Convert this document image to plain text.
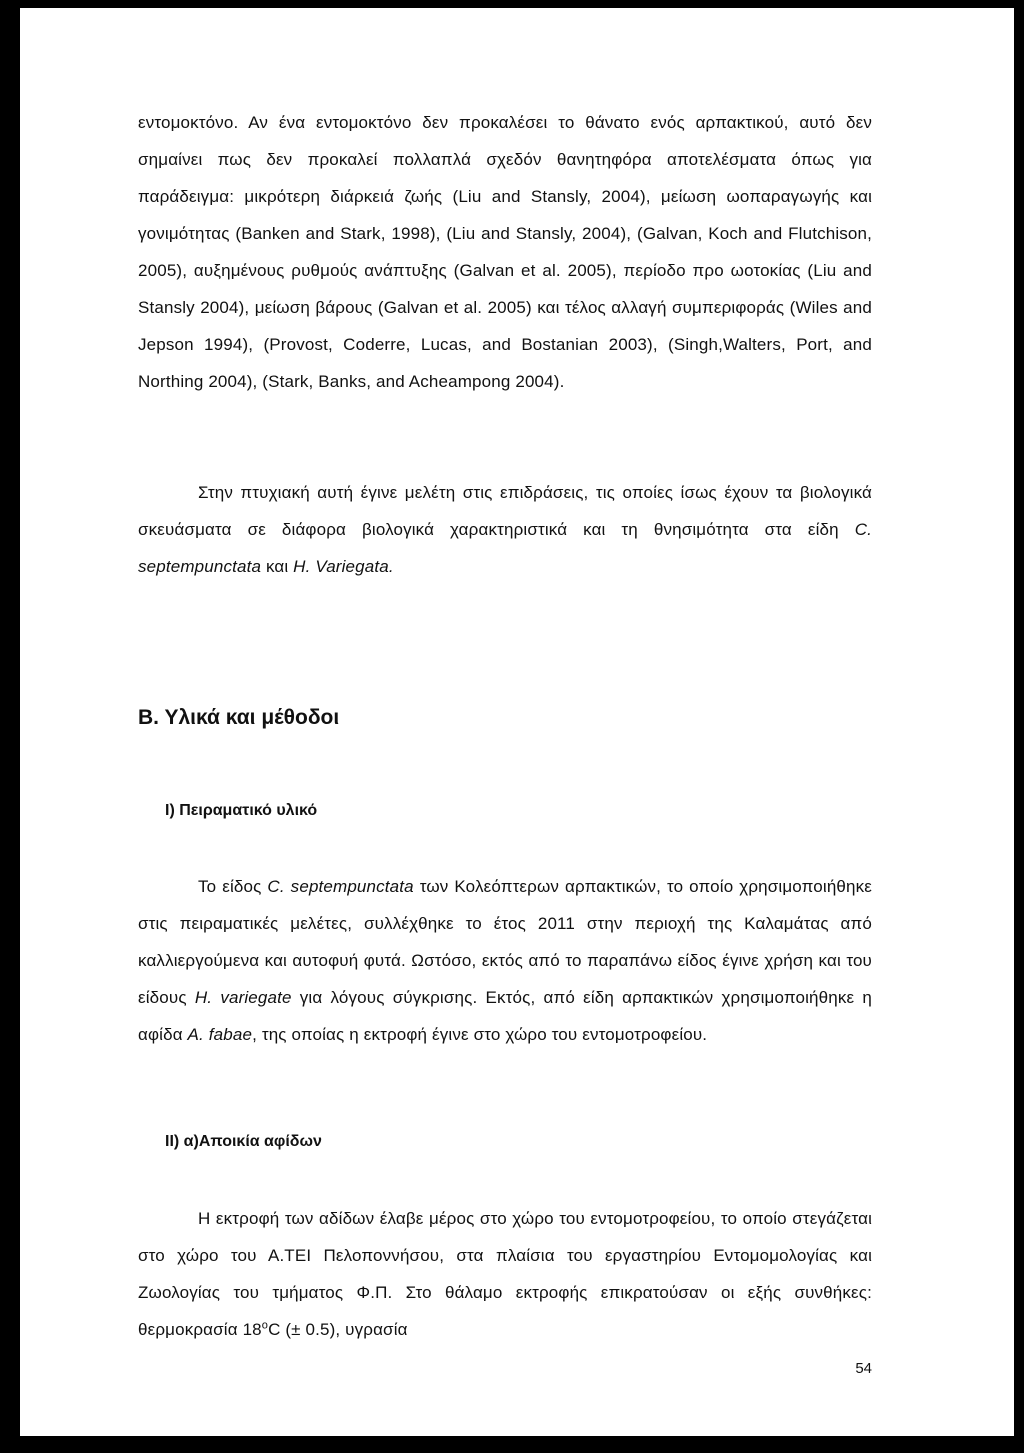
εντομοκτόνο. Αν ένα εντομοκτόνο δεν προκαλέσει το θάνατο ενός αρπακτικού, αυτό δεν σημαίνει πως δεν προκαλεί πολλαπλά σχεδόν θανητηφόρα αποτελέσματα όπως για παράδειγμα: μικρότερη διάρκειά ζωής (Liu and Stansly, 2004), μείωση ωοπαραγωγής και γονιμότητας (Banken and Stark, 1998), (Liu and Stansly, 2004), (Galvan, Koch and Flutchison, 2005), αυξημένους ρυθμούς ανάπτυξης (Galvan et al. 2005), περίοδο προ ωοτοκίας (Liu and Stansly 2004), μείωση βάρους (Galvan et al. 2005) και τέλος αλλαγή συμπεριφοράς (Wiles and Jepson 1994), (Provost, Coderre, Lucas, and Bostanian 2003), (Singh,Walters, Port, and Northing 2004), (Stark, Banks, and Acheampong 2004).

Στην πτυχιακή αυτή έγινε μελέτη στις επιδράσεις, τις οποίες ίσως έχουν τα βιολογικά σκευάσματα σε διάφορα βιολογικά χαρακτηριστικά και τη θνησιμότητα στα είδη C. septempunctata και H. Variegata.

Β. Υλικά και μέθοδοι
I) Πειραματικό υλικό

Το είδος C. septempunctata των Κολεόπτερων αρπακτικών, το οποίο χρησιμοποιήθηκε στις πειραματικές μελέτες, συλλέχθηκε το έτος 2011 στην περιοχή της Καλαμάτας από καλλιεργούμενα και αυτοφυή φυτά. Ωστόσο, εκτός από το παραπάνω είδος έγινε χρήση και του είδους H. variegate για λόγους σύγκρισης. Εκτός, από είδη αρπακτικών χρησιμοποιήθηκε η αφίδα A. fabae, της οποίας η εκτροφή έγινε στο χώρο του εντομοτροφείου.

II) α)Αποικία αφίδων

Η εκτροφή των αδίδων έλαβε μέρος στο χώρο του εντομοτροφείου, το οποίο στεγάζεται στο χώρο του Α.ΤΕΙ Πελοποννήσου, στα πλαίσια του εργαστηρίου Εντομομολογίας και Ζωολογίας του τμήματος Φ.Π. Στο θάλαμο εκτροφής επικρατούσαν οι εξής συνθήκες: θερμοκρασία 18$^o$C (± 0.5), υγρασία

54
